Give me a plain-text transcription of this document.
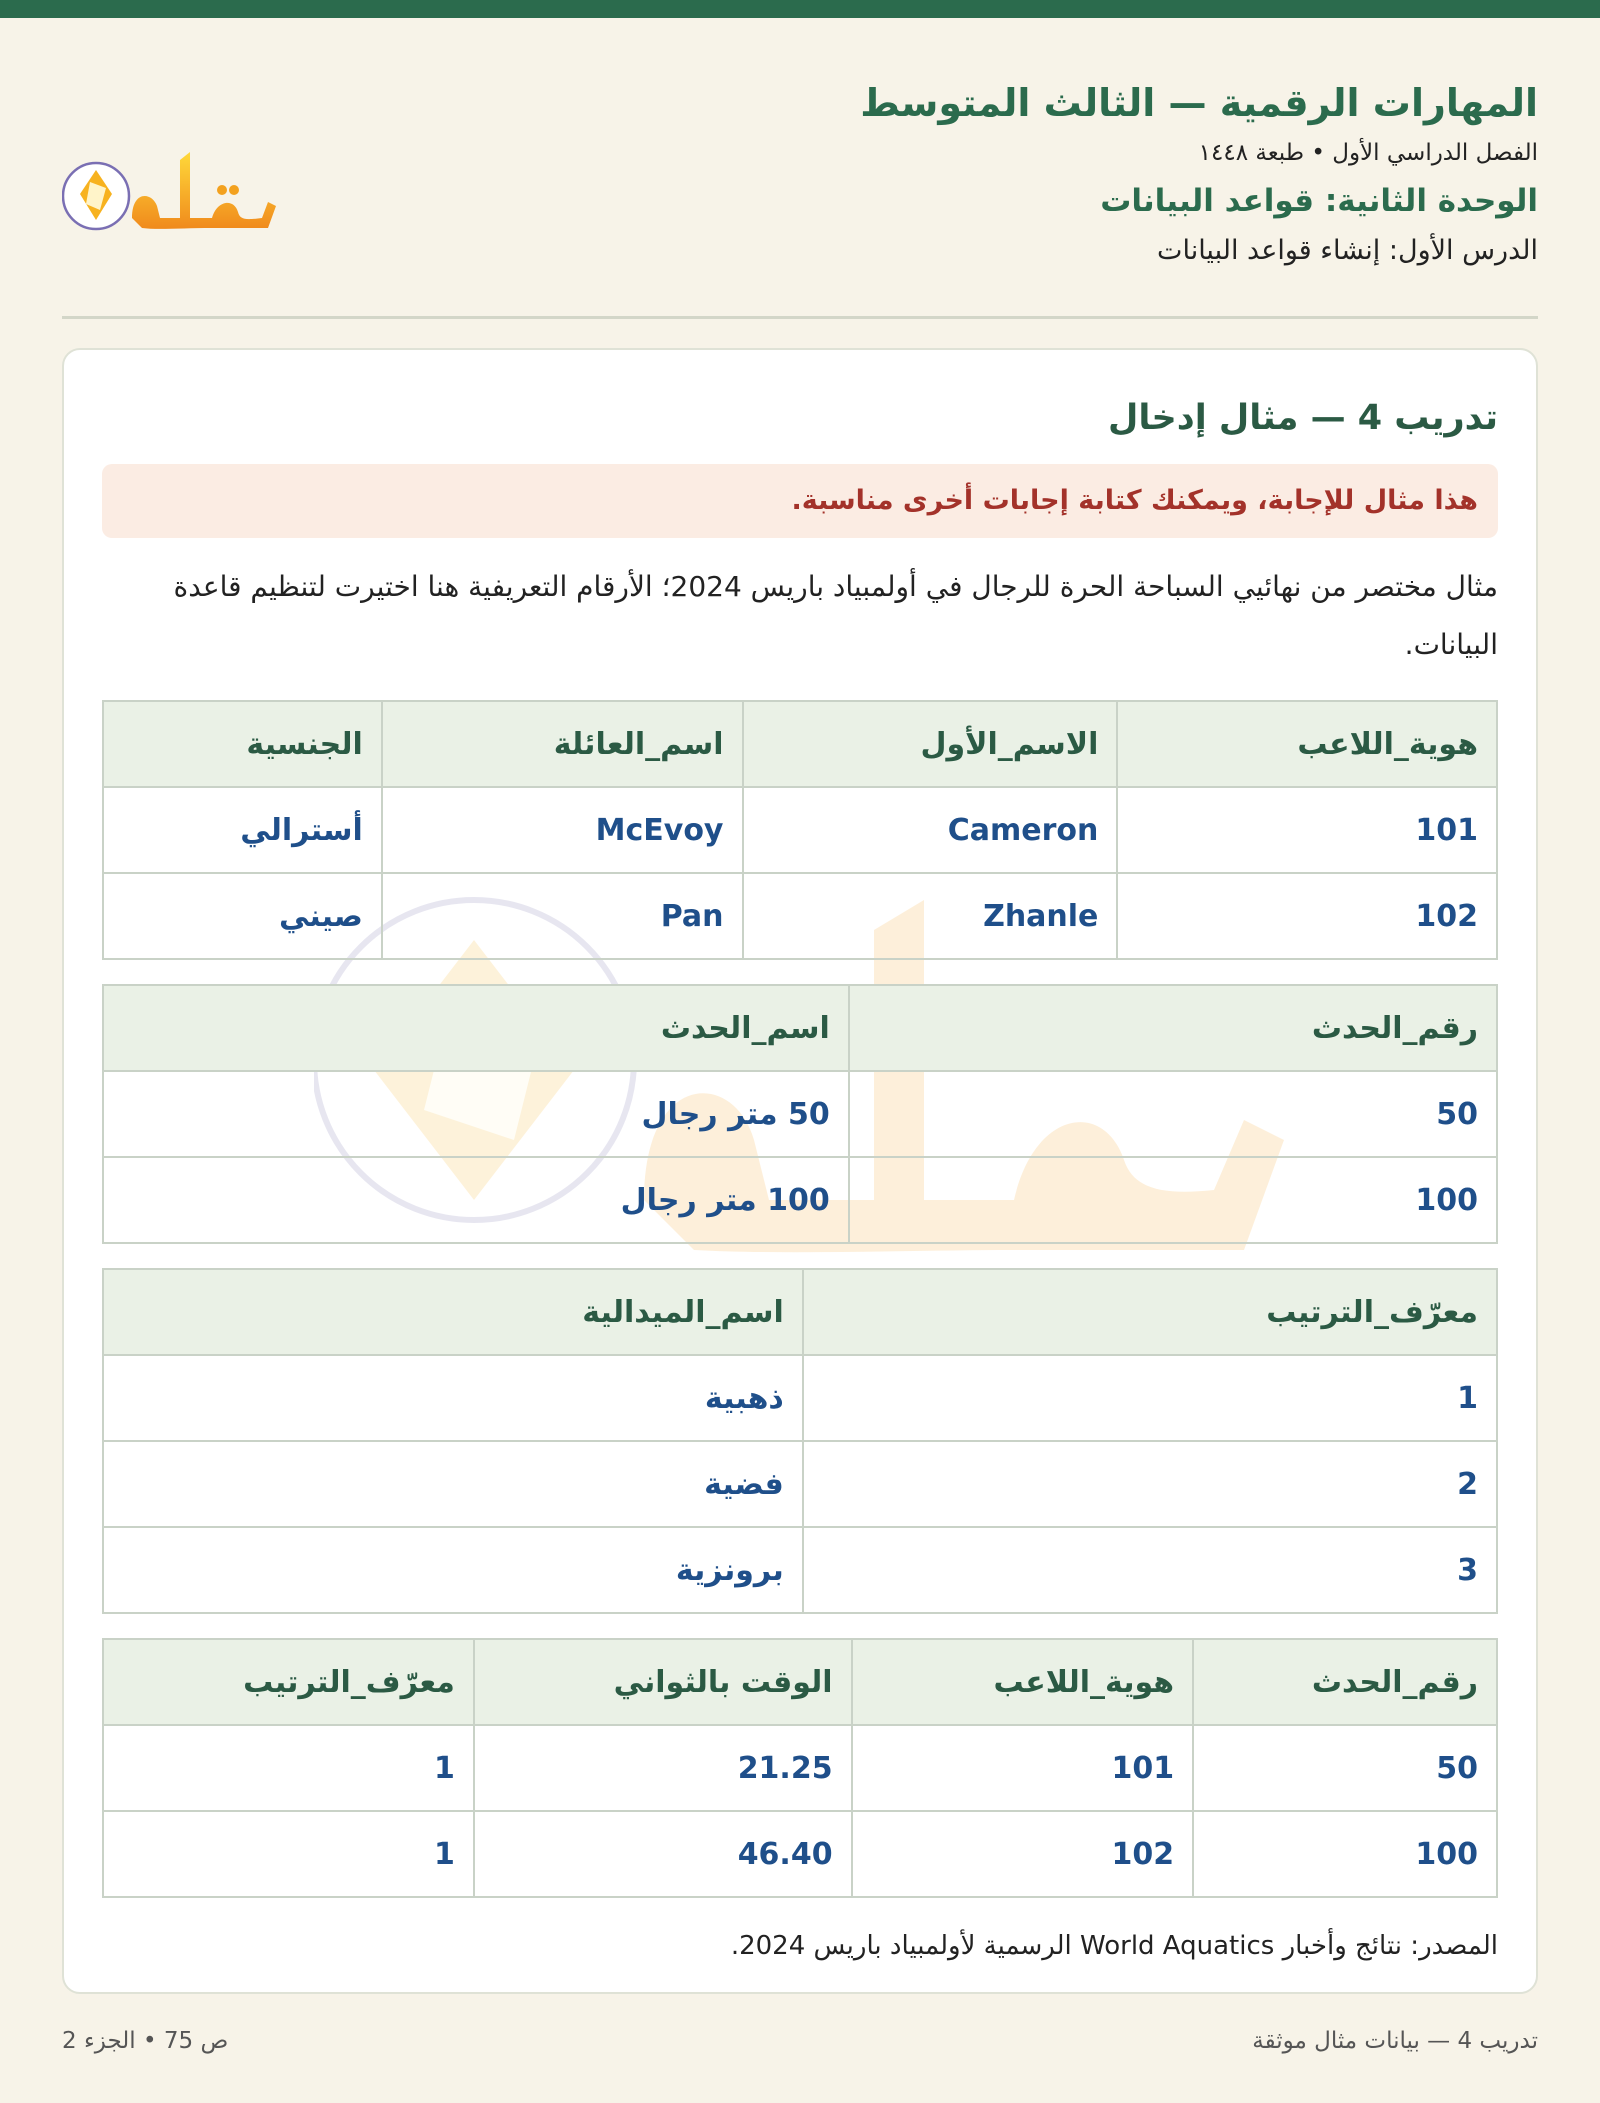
المهارات الرقمية — الثالث المتوسط
الفصل الدراسي الأول • طبعة ١٤٤٨
الوحدة الثانية: قواعد البيانات
الدرس الأول: إنشاء قواعد البيانات
تدريب 4 — مثال إدخال
هذا مثال للإجابة، ويمكنك كتابة إجابات أخرى مناسبة.
مثال مختصر من نهائيي السباحة الحرة للرجال في أولمبياد باريس 2024؛ الأرقام التعريفية هنا اختيرت لتنظيم قاعدة البيانات.
هوية_اللاعب	الاسم_الأول	اسم_العائلة	الجنسية
101	Cameron	McEvoy	أسترالي
102	Zhanle	Pan	صيني
رقم_الحدث	اسم_الحدث
50	50 متر رجال
100	100 متر رجال
معرّف_الترتيب	اسم_الميدالية
1	ذهبية
2	فضية
3	برونزية
رقم_الحدث	هوية_اللاعب	الوقت بالثواني	معرّف_الترتيب
50	101	21.25	1
100	102	46.40	1
المصدر: نتائج وأخبار World Aquatics الرسمية لأولمبياد باريس 2024.
تدريب 4 — بيانات مثال موثقة
ص 75 • الجزء 2
